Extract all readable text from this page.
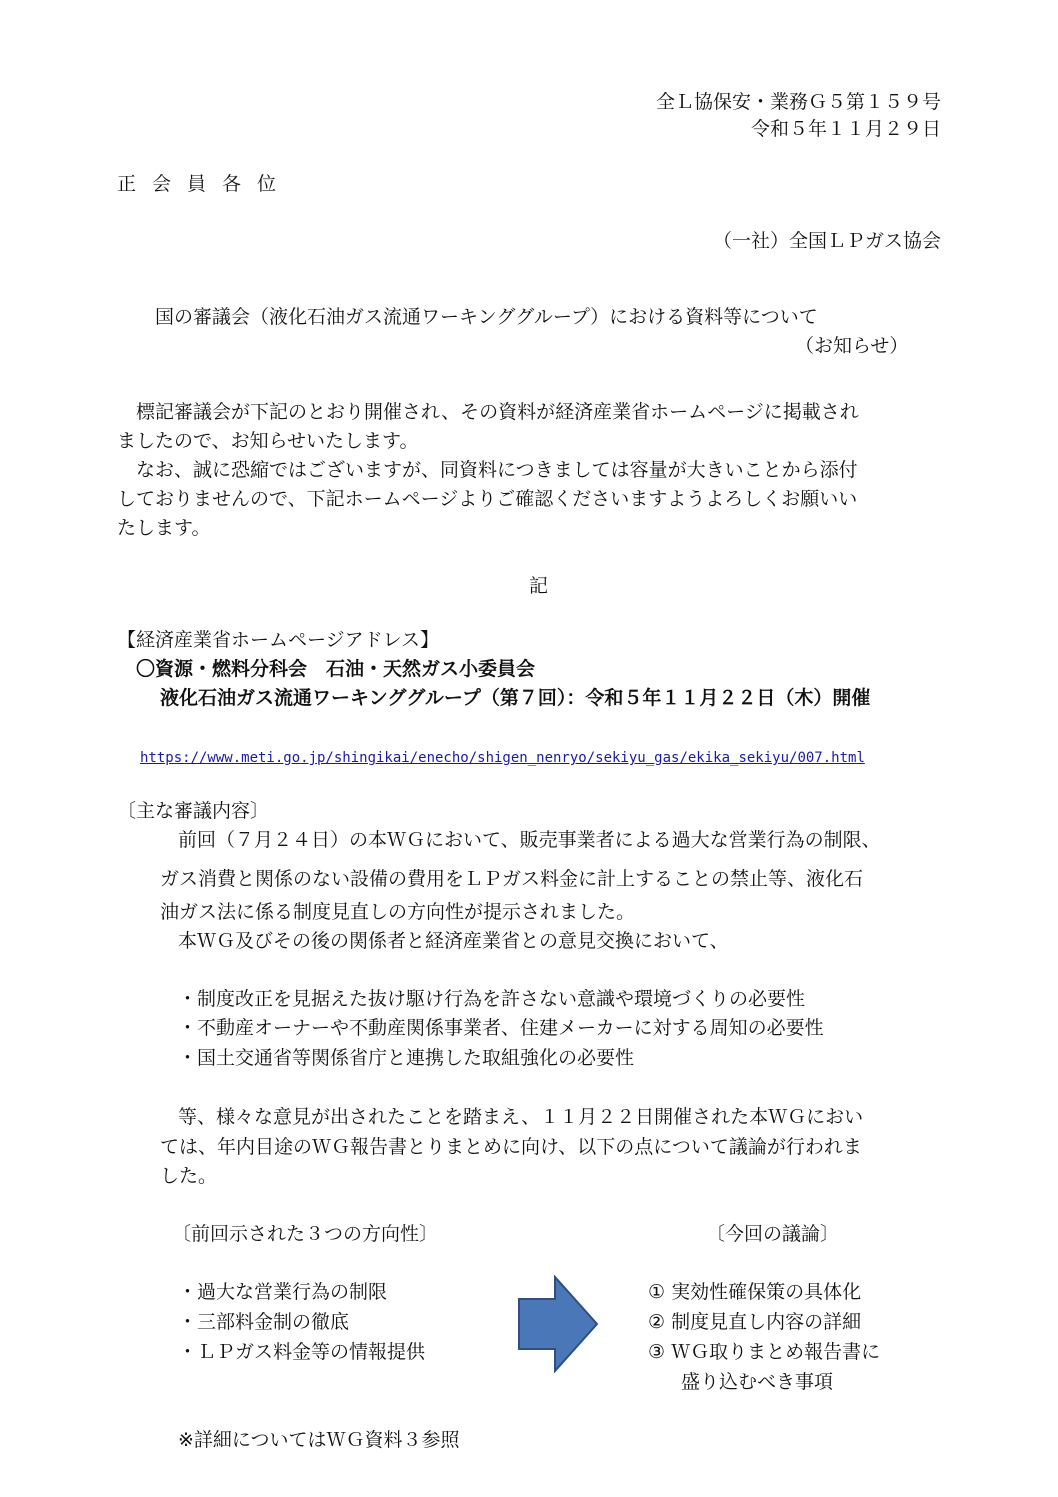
全Ｌ協保安・業務Ｇ５第１５９号
令和５年１１月２９日
正会員各位
（一社）全国ＬＰガス協会
国の審議会（液化石油ガス流通ワーキンググループ）における資料等について
（お知らせ）
標記審議会が下記のとおり開催され、その資料が経済産業省ホームページに掲載され
ましたので、お知らせいたします。
なお、誠に恐縮ではございますが、同資料につきましては容量が大きいことから添付
しておりませんので、下記ホームページよりご確認くださいますようよろしくお願いい
たします。
記
【経済産業省ホームページアドレス】
〇資源・燃料分科会　石油・天然ガス小委員会
液化石油ガス流通ワーキンググループ（第７回）：令和５年１１月２２日（木）開催
https://www.meti.go.jp/shingikai/enecho/shigen_nenryo/sekiyu_gas/ekika_sekiyu/007.html
〔主な審議内容〕
前回（７月２４日）の本ＷＧにおいて、販売事業者による過大な営業行為の制限、
ガス消費と関係のない設備の費用をＬＰガス料金に計上することの禁止等、液化石
油ガス法に係る制度見直しの方向性が提示されました。
本ＷＧ及びその後の関係者と経済産業省との意見交換において、
・制度改正を見据えた抜け駆け行為を許さない意識や環境づくりの必要性
・不動産オーナーや不動産関係事業者、住建メーカーに対する周知の必要性
・国土交通省等関係省庁と連携した取組強化の必要性
等、様々な意見が出されたことを踏まえ、１１月２２日開催された本ＷＧにおい
ては、年内目途のＷＧ報告書とりまとめに向け、以下の点について議論が行われま
した。
〔前回示された３つの方向性〕	〔今回の議論〕
・過大な営業行為の制限
・三部料金制の徹底
・ＬＰガス料金等の情報提供
① 実効性確保策の具体化
② 制度見直し内容の詳細
③ ＷＧ取りまとめ報告書に
盛り込むべき事項
※詳細についてはＷＧ資料３参照
